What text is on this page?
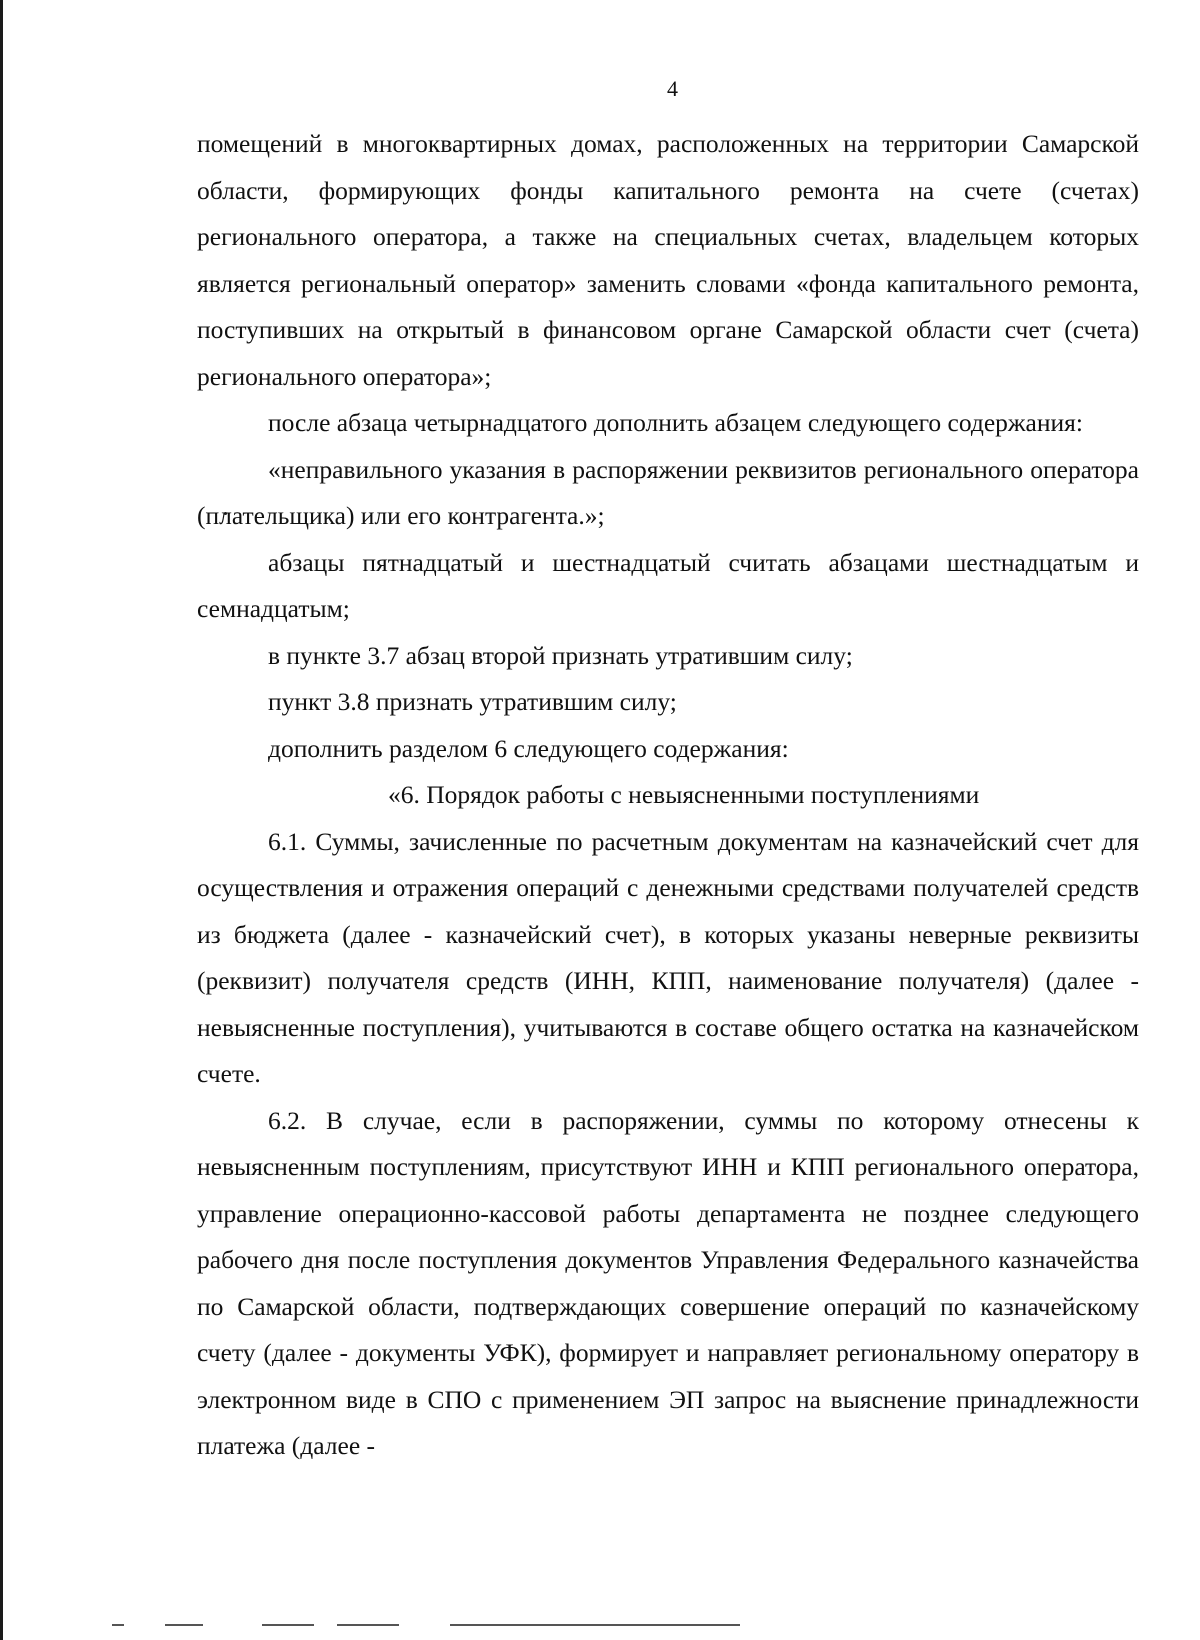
4

помещений в многоквартирных домах, расположенных на территории Самарской области, формирующих фонды капитального ремонта на счете (счетах) регионального оператора, а также на специальных счетах, владельцем которых является региональный оператор» заменить словами «фонда капитального ремонта, поступивших на открытый в финансовом органе Самарской области счет (счета) регионального оператора»;

после абзаца четырнадцатого дополнить абзацем следующего содержания:

«неправильного указания в распоряжении реквизитов регионального оператора (плательщика) или его контрагента.»;

абзацы пятнадцатый и шестнадцатый считать абзацами шестнадцатым и семнадцатым;

в пункте 3.7 абзац второй признать утратившим силу;

пункт 3.8 признать утратившим силу;

дополнить разделом 6 следующего содержания:

«6. Порядок работы с невыясненными поступлениями

6.1. Суммы, зачисленные по расчетным документам на казначейский счет для осуществления и отражения операций с денежными средствами получателей средств из бюджета (далее - казначейский счет), в которых указаны неверные реквизиты (реквизит) получателя средств (ИНН, КПП, наименование получателя) (далее - невыясненные поступления), учитываются в составе общего остатка на казначейском счете.

6.2. В случае, если в распоряжении, суммы по которому отнесены к невыясненным поступлениям, присутствуют ИНН и КПП регионального оператора, управление операционно-кассовой работы департамента не позднее следующего рабочего дня после поступления документов Управления Федерального казначейства по Самарской области, подтверждающих совершение операций по казначейскому счету (далее - документы УФК), формирует и направляет региональному оператору в электронном виде в СПО с применением ЭП запрос на выяснение принадлежности платежа (далее -
